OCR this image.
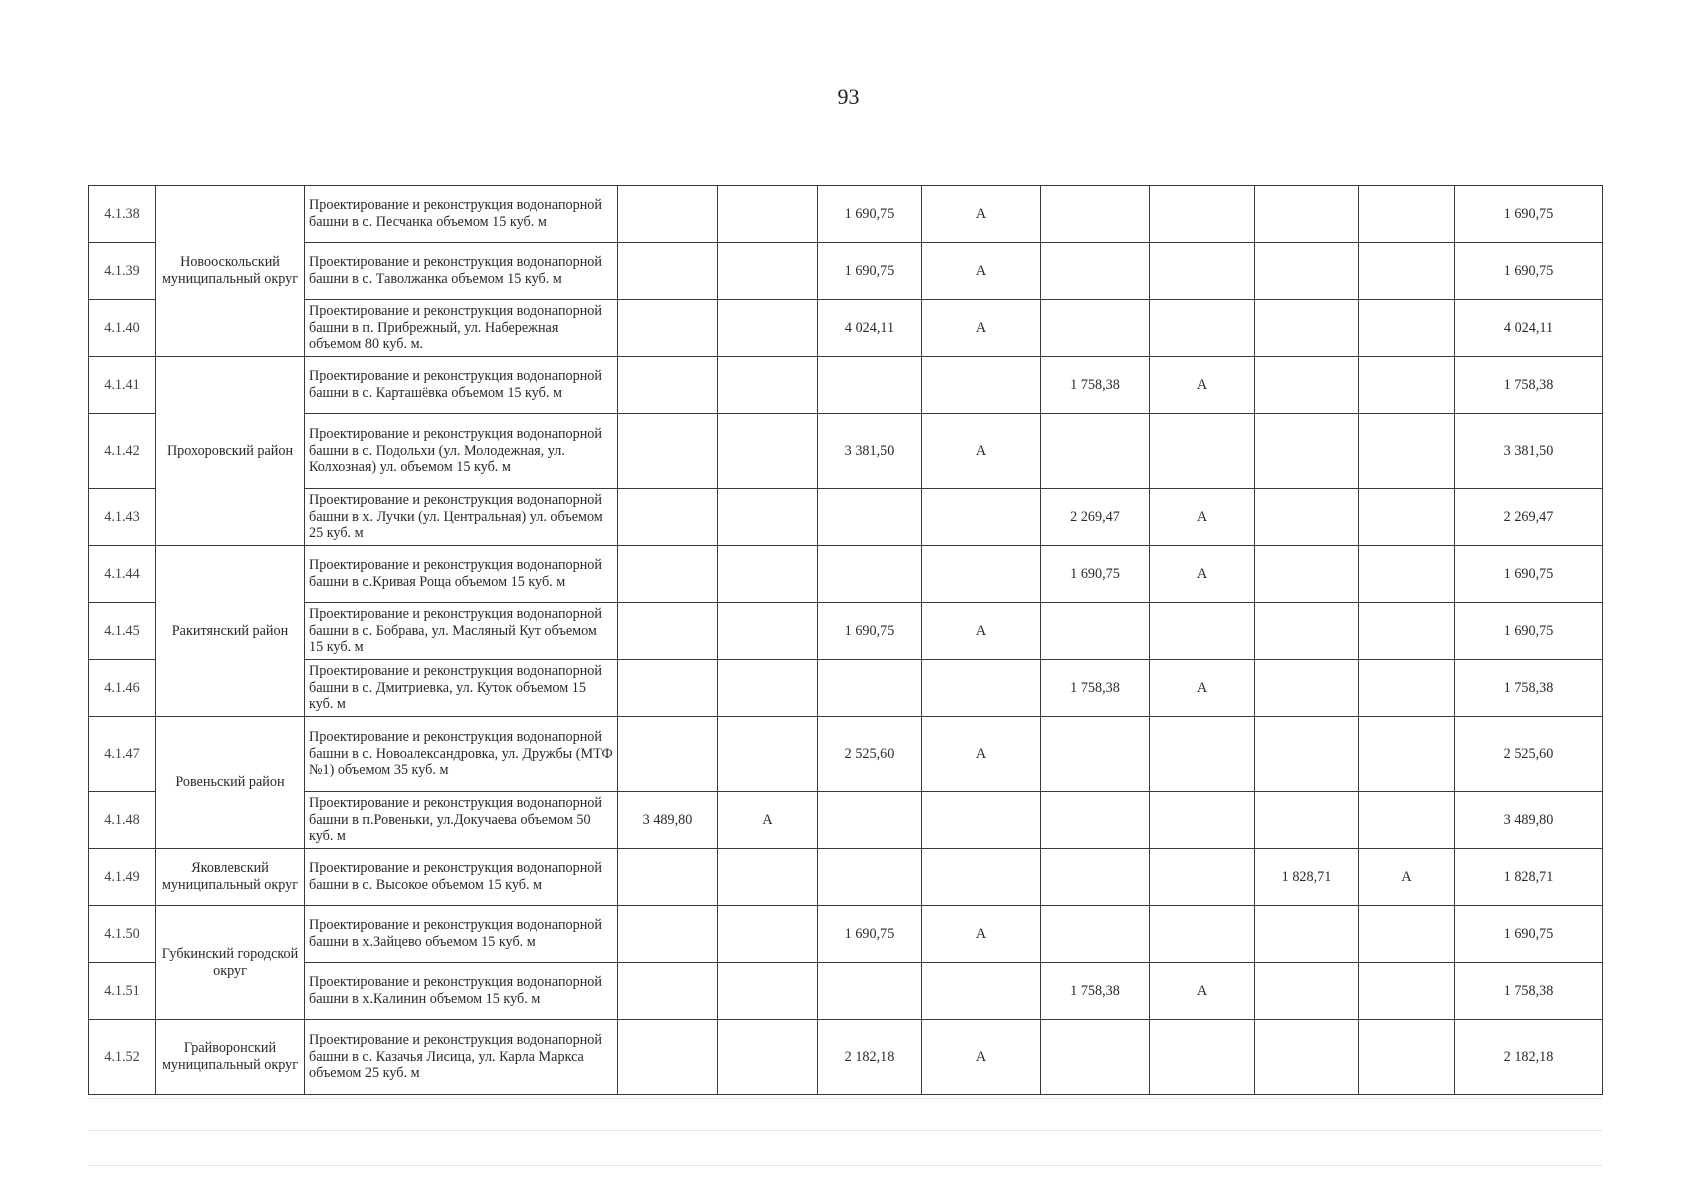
93
4.1.38	Новооскольский муниципальный округ	Проектирование и реконструкция водонапорной башни в с. Песчанка объемом 15 куб. м			1 690,75	А					1 690,75
4.1.39		Проектирование и реконструкция водонапорной башни в с. Таволжанка объемом 15 куб. м			1 690,75	А					1 690,75
4.1.40		Проектирование и реконструкция водонапорной башни в п. Прибрежный, ул. Набережная объемом 80 куб. м.			4 024,11	А					4 024,11
4.1.41	Прохоровский район	Проектирование и реконструкция водонапорной башни в с. Карташёвка объемом 15 куб. м					1 758,38	А			1 758,38
4.1.42		Проектирование и реконструкция водонапорной башни в с. Подольхи (ул. Молодежная, ул. Колхозная) ул. объемом 15 куб. м			3 381,50	А					3 381,50
4.1.43		Проектирование и реконструкция водонапорной башни в х. Лучки (ул. Центральная) ул. объемом 25 куб. м					2 269,47	А			2 269,47
4.1.44	Ракитянский район	Проектирование и реконструкция водонапорной башни в с.Кривая Роща объемом 15 куб. м					1 690,75	А			1 690,75
4.1.45		Проектирование и реконструкция водонапорной башни в с. Бобрава, ул. Масляный Кут объемом 15 куб. м			1 690,75	А					1 690,75
4.1.46		Проектирование и реконструкция водонапорной башни в с. Дмитриевка, ул. Куток объемом 15 куб. м					1 758,38	А			1 758,38
4.1.47	Ровеньский район	Проектирование и реконструкция водонапорной башни в с. Новоалександровка, ул. Дружбы (МТФ №1) объемом 35 куб. м			2 525,60	А					2 525,60
4.1.48		Проектирование и реконструкция водонапорной башни в п.Ровеньки, ул.Докучаева объемом 50 куб. м	3 489,80	А							3 489,80
4.1.49	Яковлевский муниципальный округ	Проектирование и реконструкция водонапорной башни в с. Высокое объемом 15 куб. м							1 828,71	А	1 828,71
4.1.50	Губкинский городской округ	Проектирование и реконструкция водонапорной башни в х.Зайцево объемом 15 куб. м			1 690,75	А					1 690,75
4.1.51		Проектирование и реконструкция водонапорной башни в х.Калинин объемом 15 куб. м					1 758,38	А			1 758,38
4.1.52	Грайворонский муниципальный округ	Проектирование и реконструкция водонапорной башни в с. Казачья Лисица, ул. Карла Маркса объемом 25 куб. м			2 182,18	А					2 182,18
